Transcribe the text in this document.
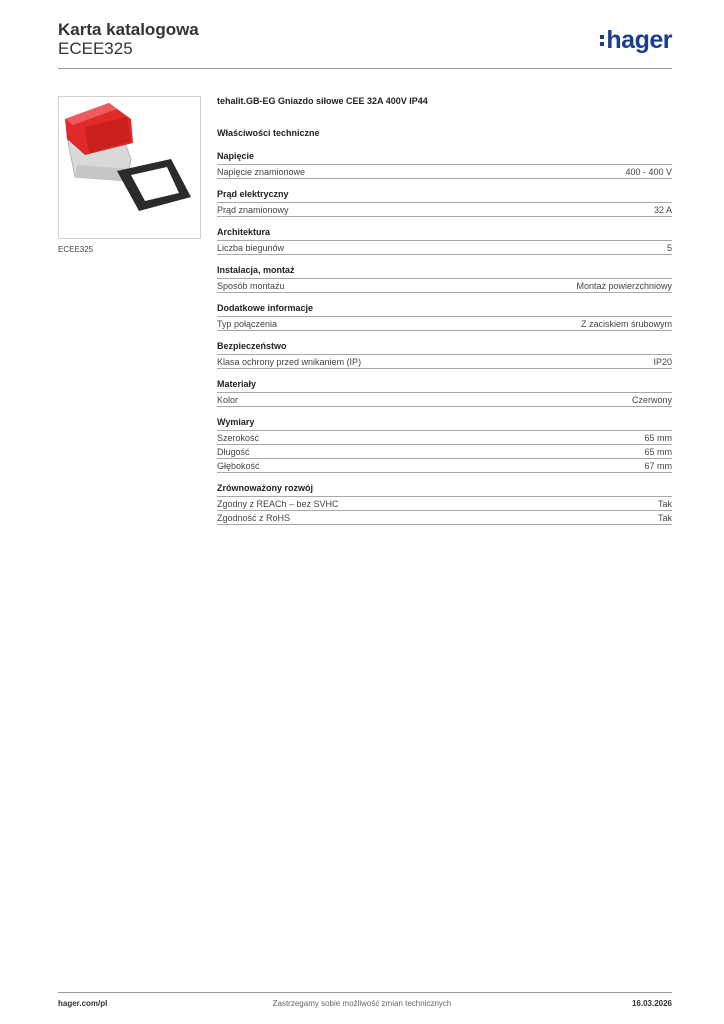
Karta katalogowa
ECEE325	hager
ECEE325
tehalit.GB-EG Gniazdo siłowe CEE 32A 400V IP44
Właściwości techniczne
Napięcie
Napięcie znamionowe	400 - 400 V
Prąd elektryczny
Prąd znamionowy	32 A
Architektura
Liczba biegunów	5
Instalacja, montaż
Sposób montażu	Montaż powierzchniowy
Dodatkowe informacje
Typ połączenia	Z zaciskiem śrubowym
Bezpieczeństwo
Klasa ochrony przed wnikaniem (IP)	IP20
Materiały
Kolor	Czerwony
Wymiary
Szerokość	65 mm
Długość	65 mm
Głębokość	67 mm
Zrównoważony rozwój
Zgodny z REACh – bez SVHC	Tak
Zgodność z RoHS	Tak
hager.com/pl	Zastrzegamy sobie możliwość zmian technicznych	16.03.2026
